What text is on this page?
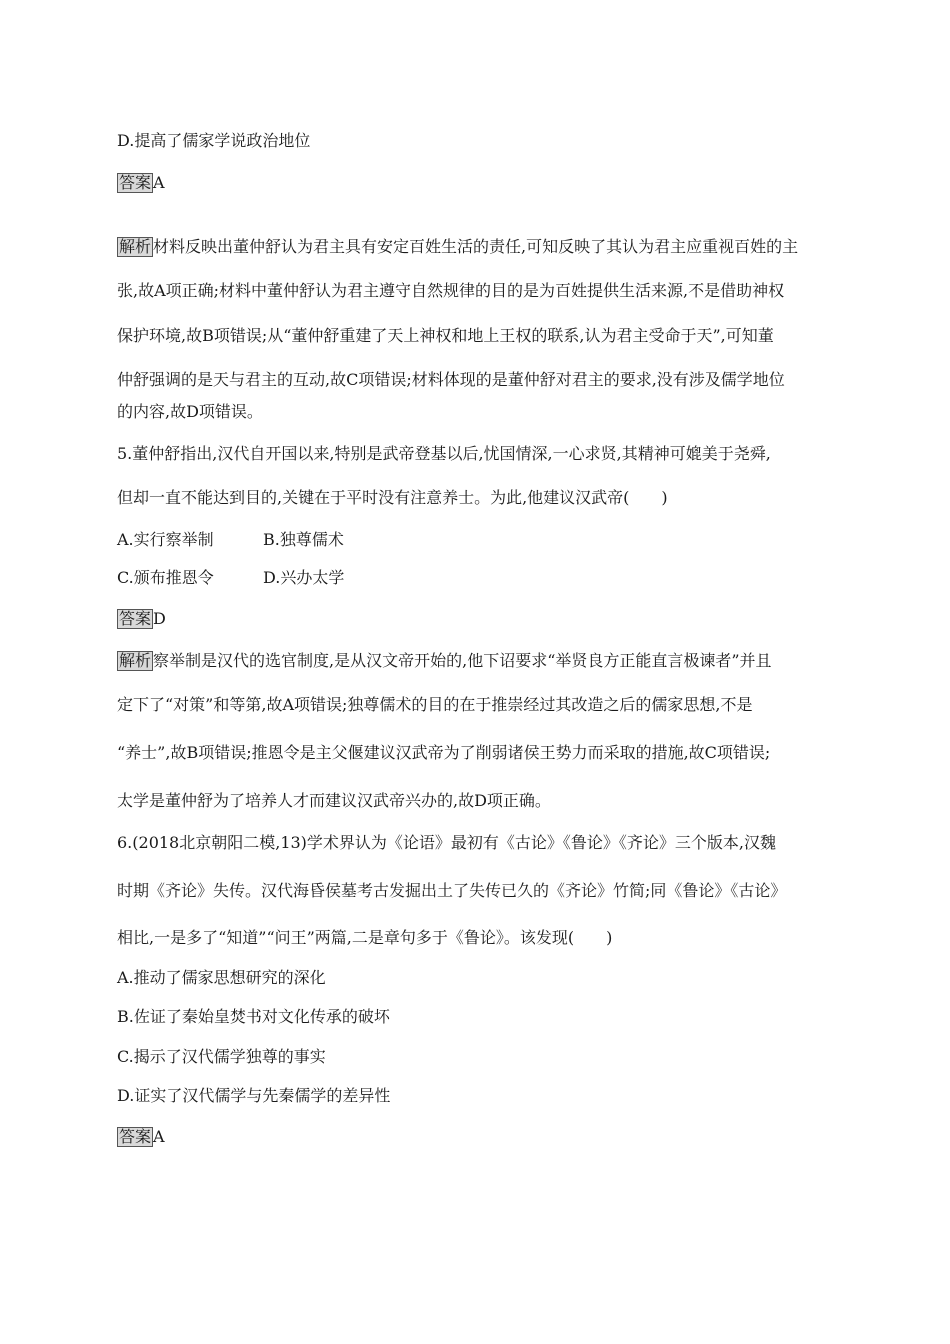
D.提高了儒家学说政治地位
答案 A
解析 材料反映出董仲舒认为君主具有安定百姓生活的责任,可知反映了其认为君主应重视百姓的主
张,故A项正确;材料中董仲舒认为君主遵守自然规律的目的是为百姓提供生活来源,不是借助神权
保护环境,故B项错误;从“董仲舒重建了天上神权和地上王权的联系,认为君主受命于天”,可知董
仲舒强调的是天与君主的互动,故C项错误;材料体现的是董仲舒对君主的要求,没有涉及儒学地位
的内容,故D项错误。
5.董仲舒指出,汉代自开国以来,特别是武帝登基以后,忧国情深,一心求贤,其精神可媲美于尧舜,
但却一直不能达到目的,关键在于平时没有注意养士。为此,他建议汉武帝(　　)
A.实行察举制	B.独尊儒术
C.颁布推恩令	D.兴办太学
答案 D
解析 察举制是汉代的选官制度,是从汉文帝开始的,他下诏要求“举贤良方正能直言极谏者”并且
定下了“对策”和等第,故A项错误;独尊儒术的目的在于推崇经过其改造之后的儒家思想,不是
“养士”,故B项错误;推恩令是主父偃建议汉武帝为了削弱诸侯王势力而采取的措施,故C项错误;
太学是董仲舒为了培养人才而建议汉武帝兴办的,故D项正确。
6.(2018北京朝阳二模,13)学术界认为《论语》最初有《古论》《鲁论》《齐论》三个版本,汉魏
时期《齐论》失传。汉代海昏侯墓考古发掘出土了失传已久的《齐论》竹简;同《鲁论》《古论》
相比,一是多了“知道”“问王”两篇,二是章句多于《鲁论》。该发现(　　)
A.推动了儒家思想研究的深化
B.佐证了秦始皇焚书对文化传承的破坏
C.揭示了汉代儒学独尊的事实
D.证实了汉代儒学与先秦儒学的差异性
答案 A
